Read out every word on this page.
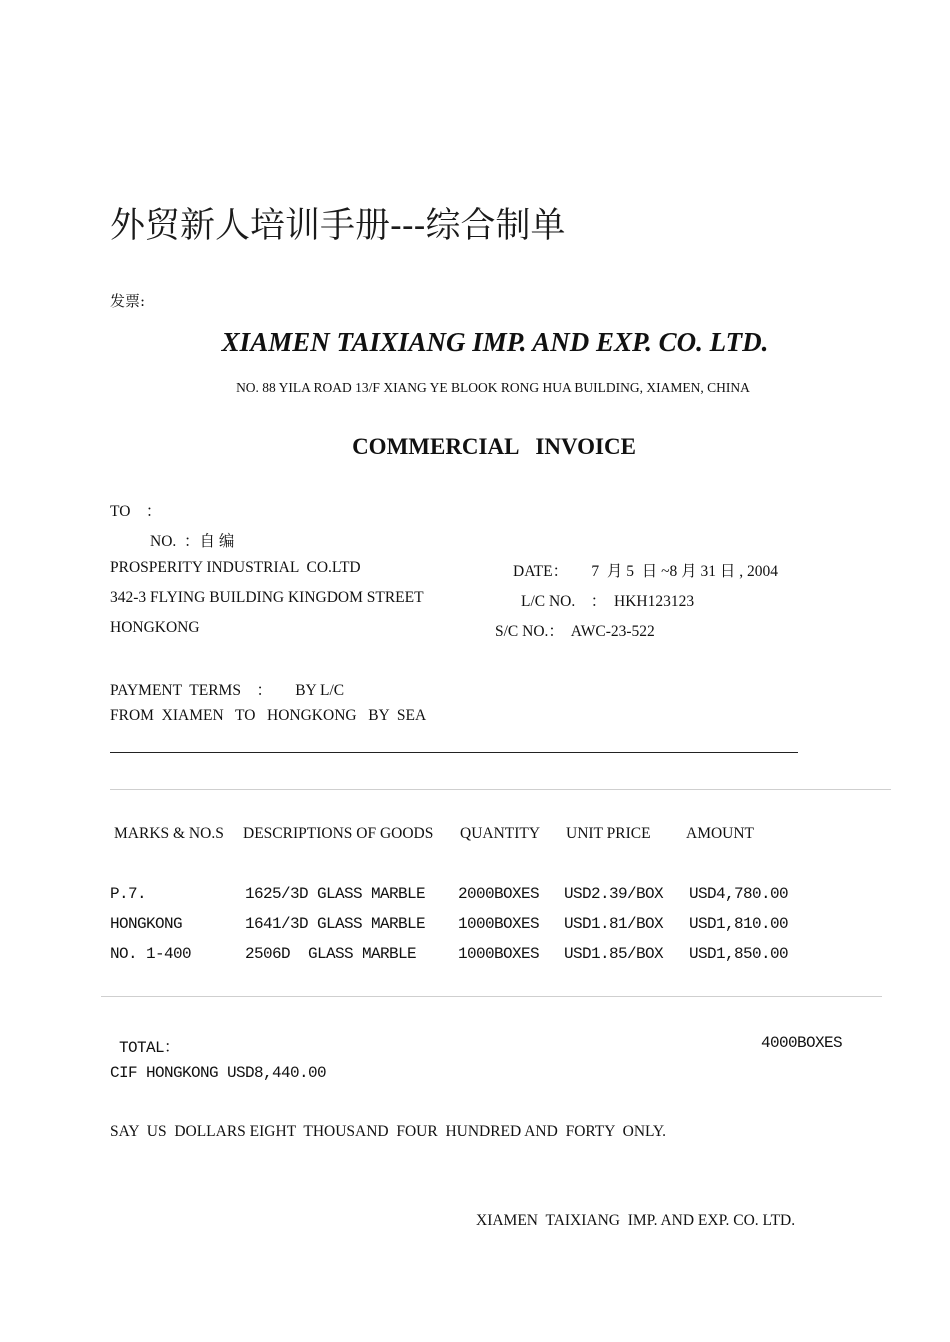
外贸新人培训手册---综合制单
发票:
XIAMEN TAIXIANG IMP. AND EXP. CO. LTD.
NO. 88 YILA ROAD 13/F XIANG YE BLOOK RONG HUA BUILDING, XIAMEN, CHINA
COMMERCIAL   INVOICE
TO    ：
NO.  ：自 编
PROSPERITY INDUSTRIAL  CO.LTD
342-3 FLYING BUILDING KINGDOM STREET
HONGKONG
DATE：      7  月 5  日 ~8 月 31 日 , 2004
L/C NO.    ：  HKH123123
S/C NO.：  AWC-23-522
PAYMENT  TERMS    ：      BY L/C
FROM  XIAMEN   TO   HONGKONG   BY  SEA
MARKS & NO.S DESCRIPTIONS OF GOODS QUANTITY UNIT PRICE AMOUNT
P.7.	1625/3D GLASS MARBLE 2000BOXES USD2.39/BOX USD4,780.00
HONGKONG	1641/3D GLASS MARBLE 1000BOXES USD1.81/BOX USD1,810.00
NO. 1-400	2506D  GLASS MARBLE	1000BOXES USD1.85/BOX USD1,850.00
TOTAL：	4000BOXES
CIF HONGKONG USD8,440.00
SAY  US  DOLLARS EIGHT  THOUSAND  FOUR  HUNDRED AND  FORTY  ONLY.
XIAMEN  TAIXIANG  IMP. AND EXP. CO. LTD.
